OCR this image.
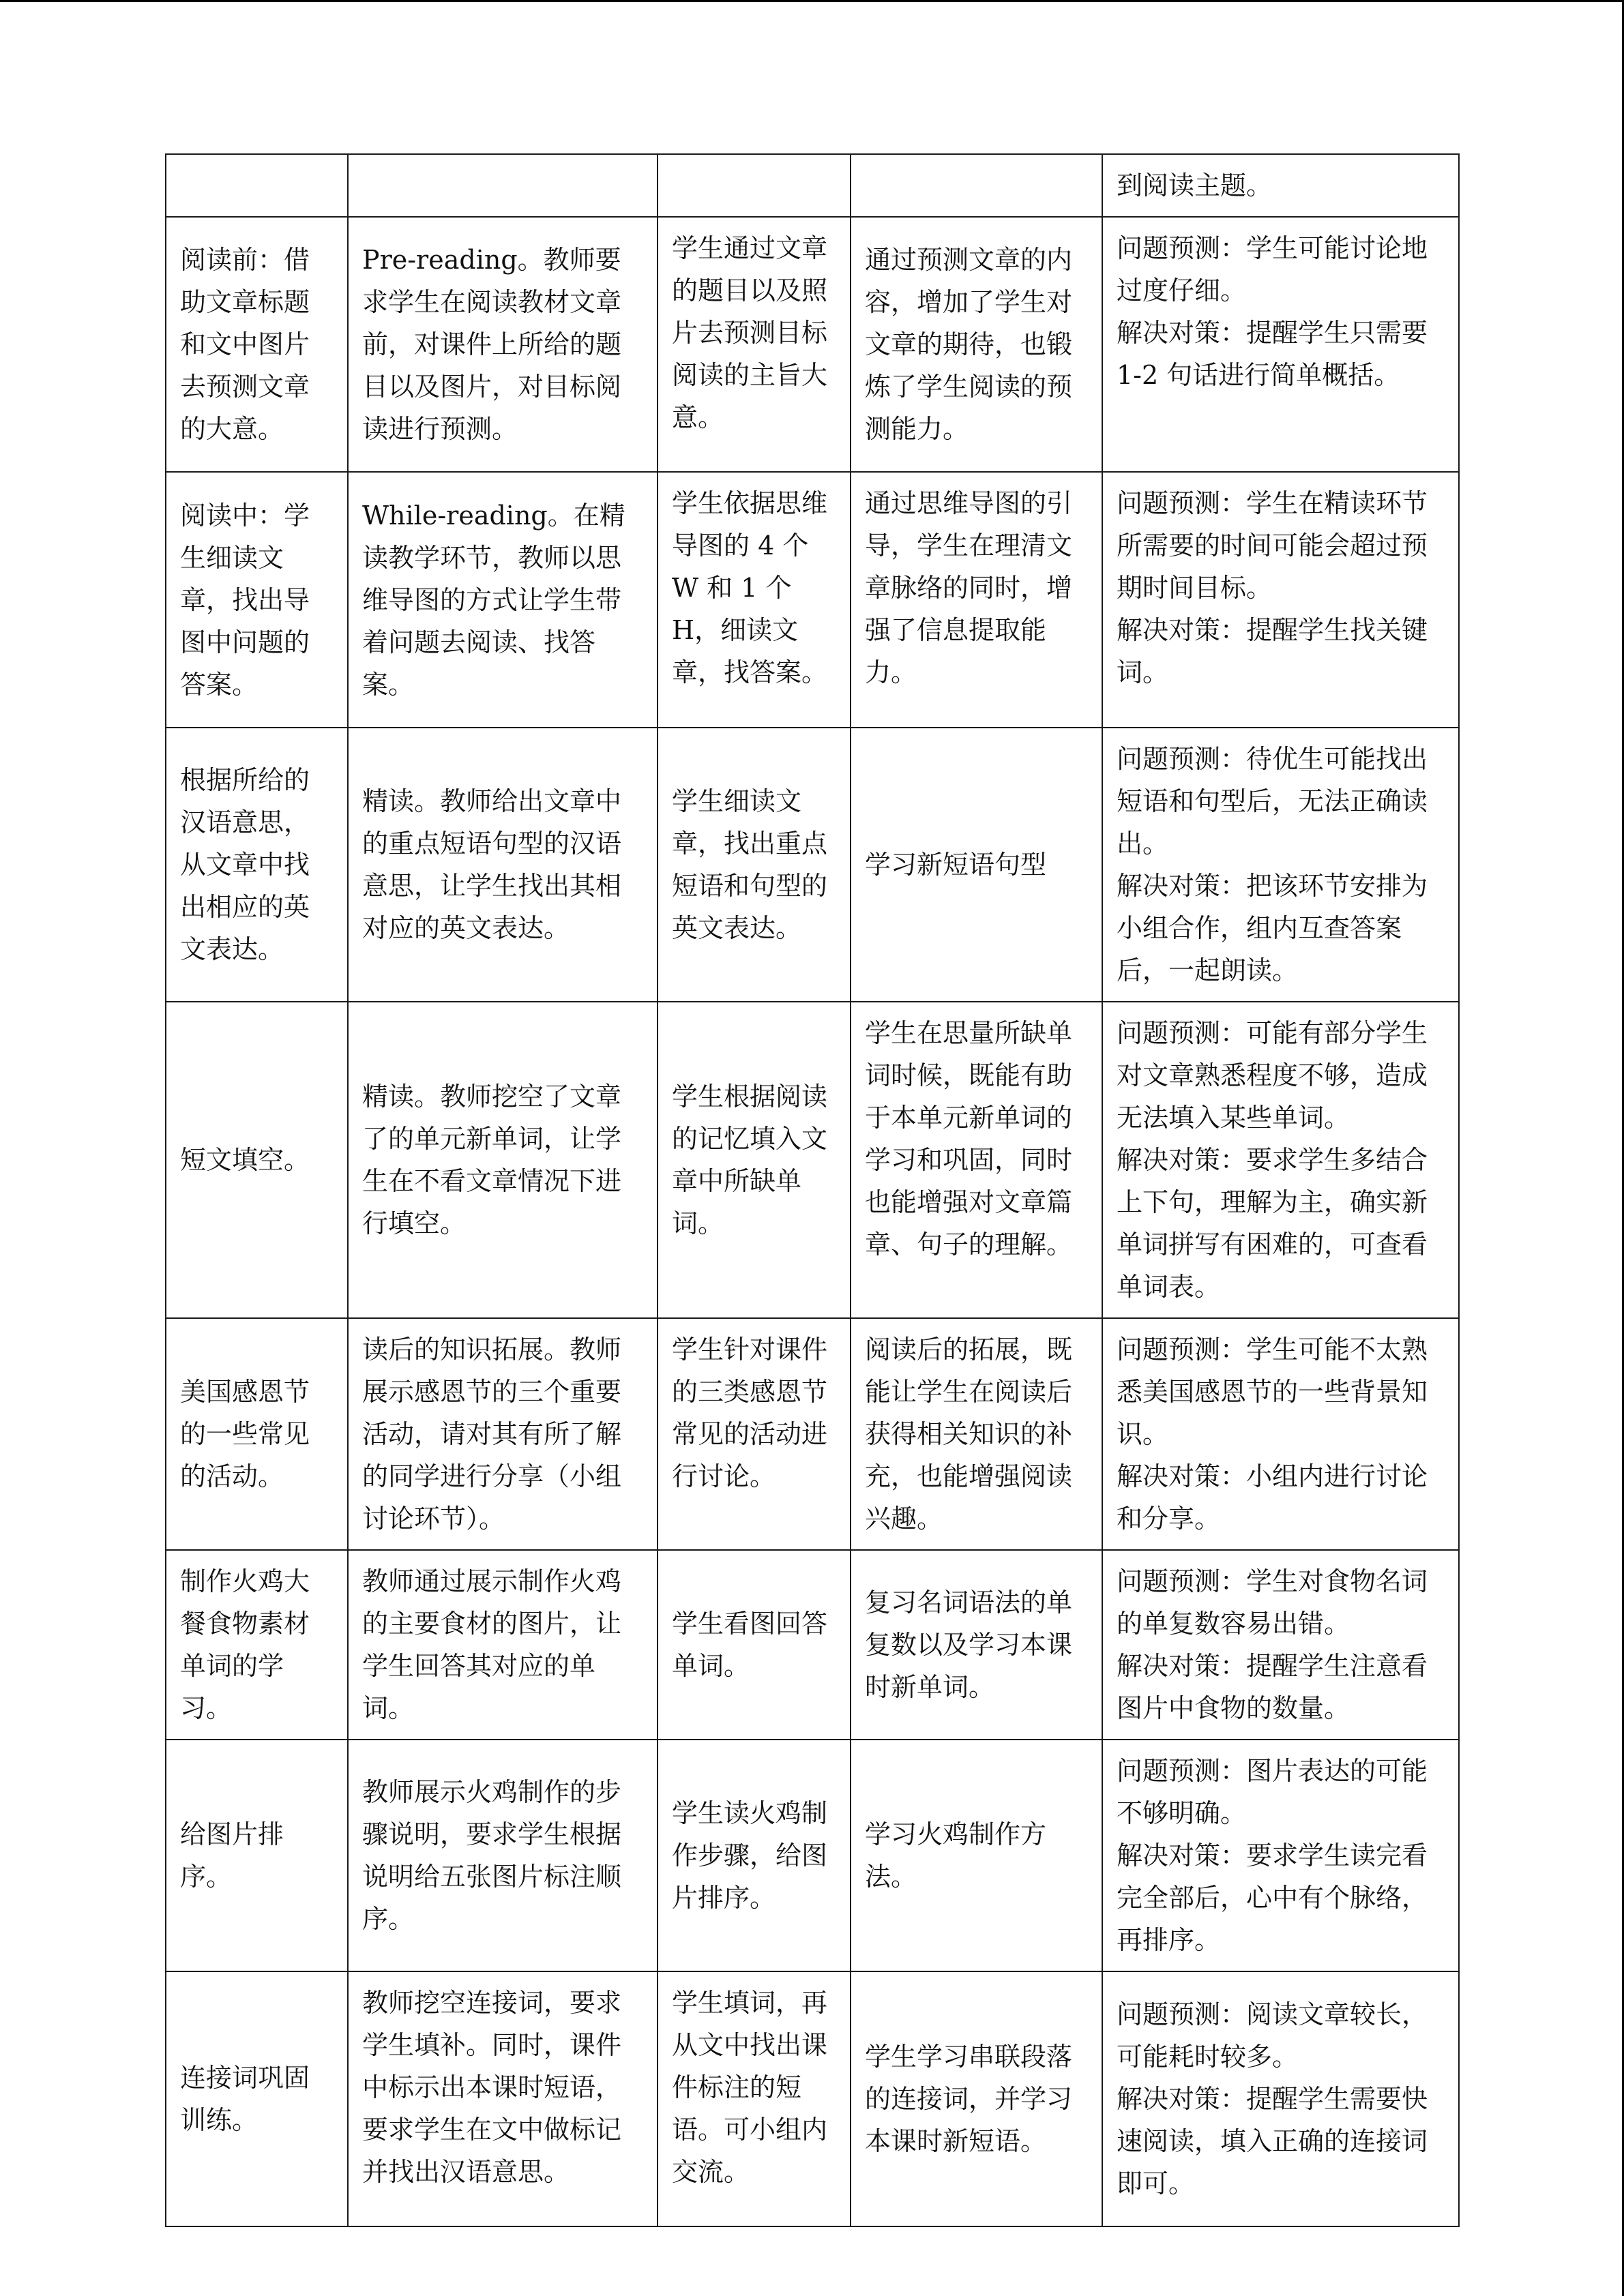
				到阅读主题。
阅读前：借助文章标题和文中图片去预测文章的大意。	Pre-reading。教师要求学生在阅读教材文章前，对课件上所给的题目以及图片，对目标阅读进行预测。	学生通过文章的题目以及照片去预测目标阅读的主旨大意。	通过预测文章的内容，增加了学生对文章的期待，也锻炼了学生阅读的预测能力。	问题预测：学生可能讨论地过度仔细。
解决对策：提醒学生只需要 1-2 句话进行简单概括。
阅读中：学生细读文章，找出导图中问题的答案。	While-reading。在精读教学环节，教师以思维导图的方式让学生带着问题去阅读、找答案。	学生依据思维导图的 4 个 W 和 1 个 H，细读文章，找答案。	通过思维导图的引导，学生在理清文章脉络的同时，增强了信息提取能力。	问题预测：学生在精读环节所需要的时间可能会超过预期时间目标。
解决对策：提醒学生找关键词。
根据所给的汉语意思，从文章中找出相应的英文表达。	精读。教师给出文章中的重点短语句型的汉语意思，让学生找出其相对应的英文表达。	学生细读文章，找出重点短语和句型的英文表达。	学习新短语句型	问题预测：待优生可能找出短语和句型后，无法正确读出。
解决对策：把该环节安排为小组合作，组内互查答案后，一起朗读。
短文填空。	精读。教师挖空了文章了的单元新单词，让学生在不看文章情况下进行填空。	学生根据阅读的记忆填入文章中所缺单词。	学生在思量所缺单词时候，既能有助于本单元新单词的学习和巩固，同时也能增强对文章篇章、句子的理解。	问题预测：可能有部分学生对文章熟悉程度不够，造成无法填入某些单词。
解决对策：要求学生多结合上下句，理解为主，确实新单词拼写有困难的，可查看单词表。
美国感恩节的一些常见的活动。	读后的知识拓展。教师展示感恩节的三个重要活动，请对其有所了解的同学进行分享（小组讨论环节）。	学生针对课件的三类感恩节常见的活动进行讨论。	阅读后的拓展，既能让学生在阅读后获得相关知识的补充，也能增强阅读兴趣。	问题预测：学生可能不太熟悉美国感恩节的一些背景知识。
解决对策：小组内进行讨论和分享。
制作火鸡大餐食物素材单词的学习。	教师通过展示制作火鸡的主要食材的图片，让学生回答其对应的单词。	学生看图回答单词。	复习名词语法的单复数以及学习本课时新单词。	问题预测：学生对食物名词的单复数容易出错。
解决对策：提醒学生注意看图片中食物的数量。
给图片排序。	教师展示火鸡制作的步骤说明，要求学生根据说明给五张图片标注顺序。	学生读火鸡制作步骤，给图片排序。	学习火鸡制作方法。	问题预测：图片表达的可能不够明确。
解决对策：要求学生读完看完全部后，心中有个脉络，再排序。
连接词巩固训练。	教师挖空连接词，要求学生填补。同时，课件中标示出本课时短语，要求学生在文中做标记并找出汉语意思。	学生填词，再从文中找出课件标注的短语。可小组内交流。	学生学习串联段落的连接词，并学习本课时新短语。	问题预测：阅读文章较长，可能耗时较多。
解决对策：提醒学生需要快速阅读，填入正确的连接词即可。
